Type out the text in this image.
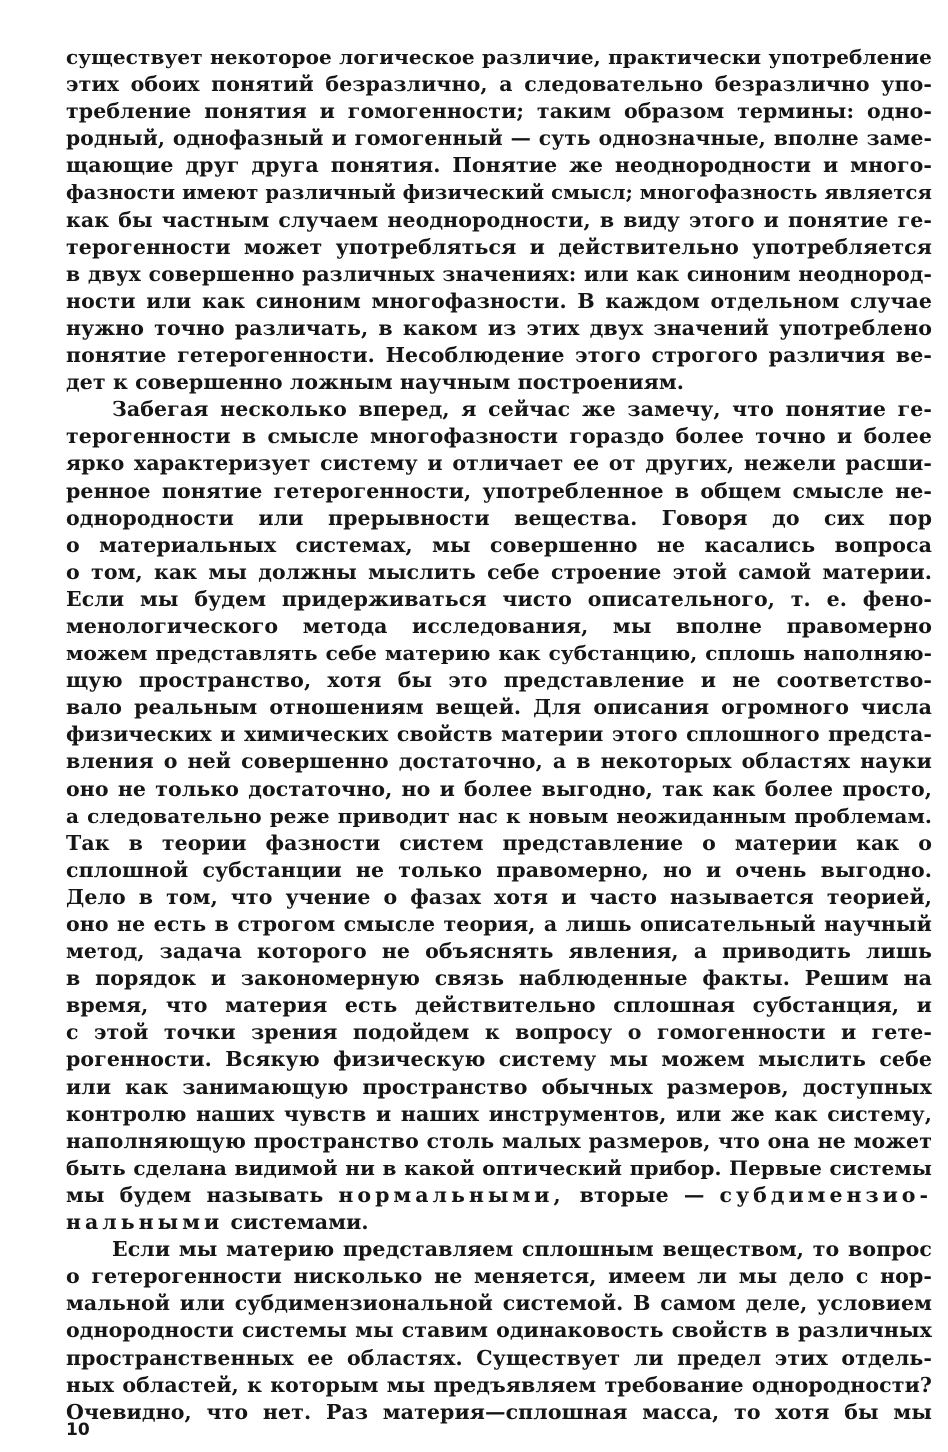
существует некоторое логическое различие, практически употребление
этих обоих понятий безразлично, а следовательно безразлично упо-
требление понятия и гомогенности; таким образом термины: одно-
родный, однофазный и гомогенный — суть однозначные, вполне заме-
щающие друг друга понятия. Понятие же неоднородности и много-
фазности имеют различный физический смысл; многофазность является
как бы частным случаем неоднородности, в виду этого и понятие ге-
терогенности может употребляться и действительно употребляется
в двух совершенно различных значениях: или как синоним неоднород-
ности или как синоним многофазности. В каждом отдельном случае
нужно точно различать, в каком из этих двух значений употреблено
понятие гетерогенности. Несоблюдение этого строгого различия ве-
дет к совершенно ложным научным построениям.
Забегая несколько вперед, я сейчас же замечу, что понятие ге-
терогенности в смысле многофазности гораздо более точно и более
ярко характеризует систему и отличает ее от других, нежели расши-
ренное понятие гетерогенности, употребленное в общем смысле не-
однородности или прерывности вещества. Говоря до сих пор
о материальных системах, мы совершенно не касались вопроса
о том, как мы должны мыслить себе строение этой самой материи.
Если мы будем придерживаться чисто описательного, т. е. фено-
менологического метода исследования, мы вполне правомерно
можем представлять себе материю как субстанцию, сплошь наполняю-
щую пространство, хотя бы это представление и не соответство-
вало реальным отношениям вещей. Для описания огромного числа
физических и химических свойств материи этого сплошного предста-
вления о ней совершенно достаточно, а в некоторых областях науки
оно не только достаточно, но и более выгодно, так как более просто,
а следовательно реже приводит нас к новым неожиданным проблемам.
Так в теории фазности систем представление о материи как о
сплошной субстанции не только правомерно, но и очень выгодно.
Дело в том, что учение о фазах хотя и часто называется теорией,
оно не есть в строгом смысле теория, а лишь описательный научный
метод, задача которого не объяснять явления, а приводить лишь
в порядок и закономерную связь наблюденные факты. Решим на
время, что материя есть действительно сплошная субстанция, и
с этой точки зрения подойдем к вопросу о гомогенности и гете-
рогенности. Всякую физическую систему мы можем мыслить себе
или как занимающую пространство обычных размеров, доступных
контролю наших чувств и наших инструментов, или же как систему,
наполняющую пространство столь малых размеров, что она не может
быть сделана видимой ни в какой оптический прибор. Первые системы
мы будем называть нормальными, вторые — субдимензио-
нальными системами.
Если мы материю представляем сплошным веществом, то вопрос
о гетерогенности нисколько не меняется, имеем ли мы дело с нор-
мальной или субдимензиональной системой. В самом деле, условием
однородности системы мы ставим одинаковость свойств в различных
пространственных ее областях. Существует ли предел этих отдель-
ных областей, к которым мы предъявляем требование однородности?
Очевидно, что нет. Раз материя—сплошная масса, то хотя бы мы
10
